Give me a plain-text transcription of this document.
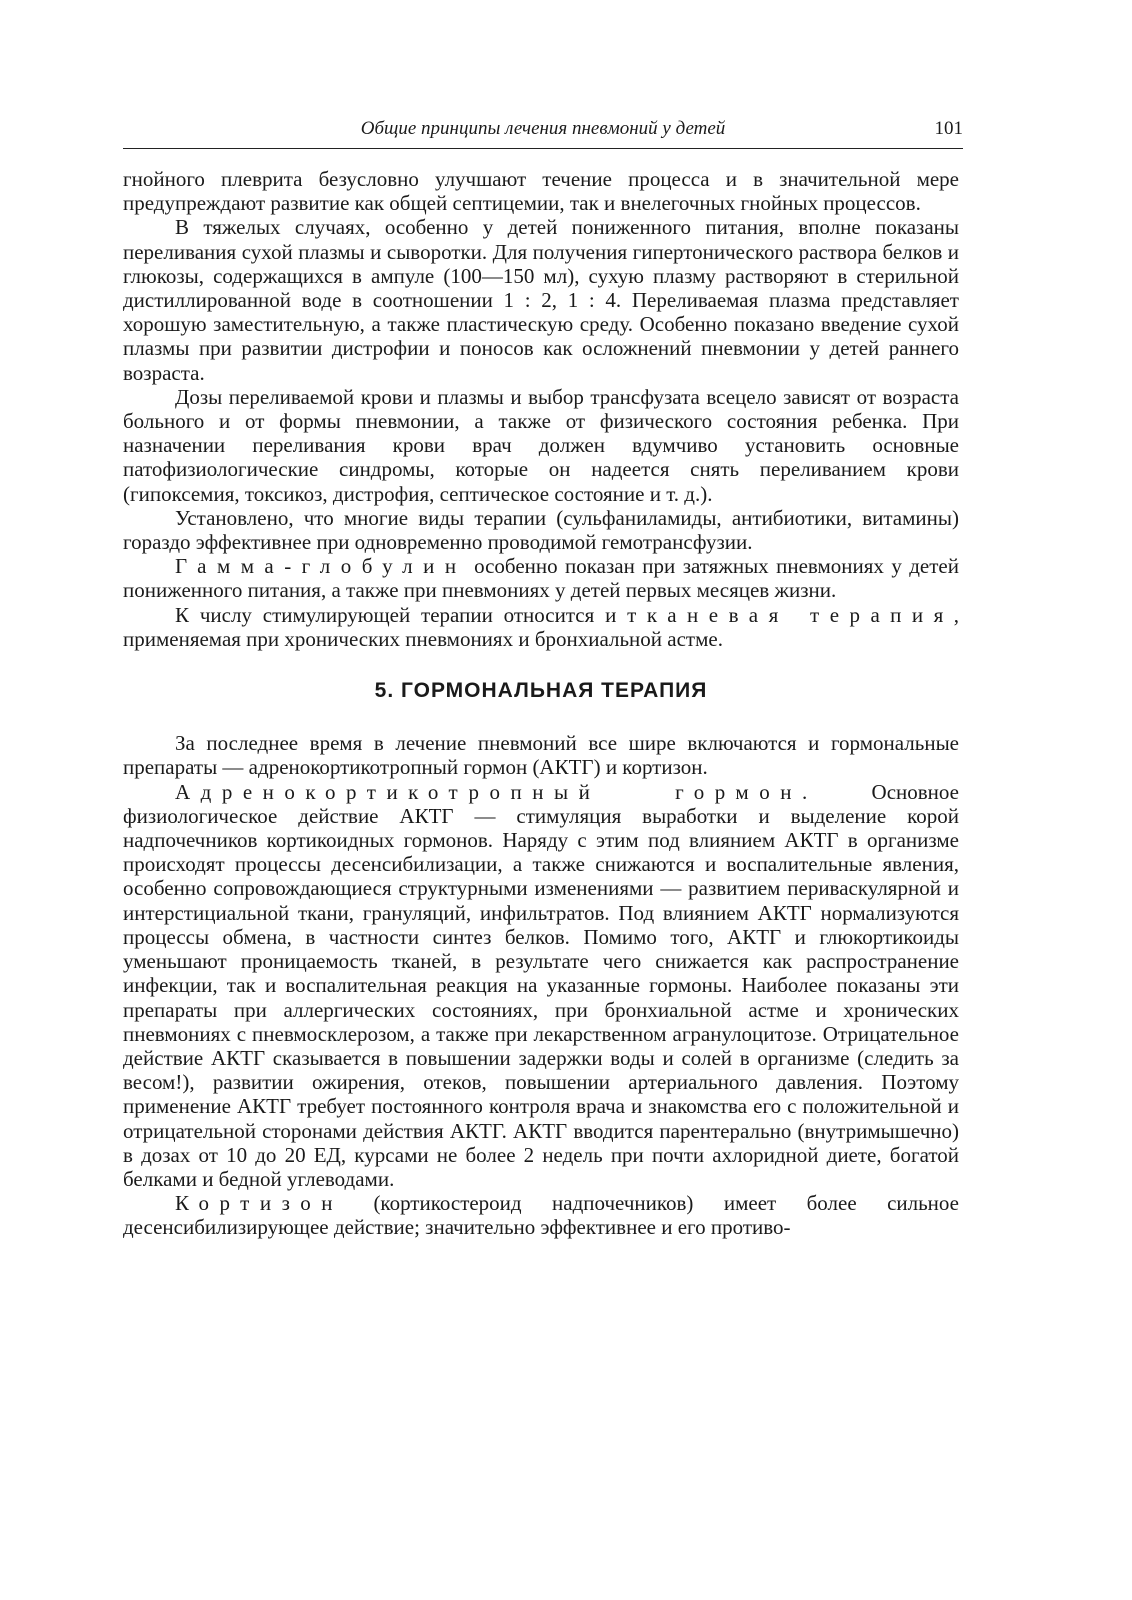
Общие принципы лечения пневмоний у детей	101

гнойного плеврита безусловно улучшают течение процесса и в значительной мере предупреждают развитие как общей септицемии, так и внелегочных гнойных процессов.

В тяжелых случаях, особенно у детей пониженного питания, вполне показаны переливания сухой плазмы и сыворотки. Для получения гипертонического раствора белков и глюкозы, содержащихся в ампуле (100—150 мл), сухую плазму растворяют в стерильной дистиллированной воде в соотношении 1 : 2, 1 : 4. Переливаемая плазма представляет хорошую заместительную, а также пластическую среду. Особенно показано введение сухой плазмы при развитии дистрофии и поносов как осложнений пневмонии у детей раннего возраста.

Дозы переливаемой крови и плазмы и выбор трансфузата всецело зависят от возраста больного и от формы пневмонии, а также от физического состояния ребенка. При назначении переливания крови врач должен вдумчиво установить основные патофизиологические синдромы, которые он надеется снять переливанием крови (гипоксемия, токсикоз, дистрофия, септическое состояние и т. д.).

Установлено, что многие виды терапии (сульфаниламиды, антибиотики, витамины) гораздо эффективнее при одновременно проводимой гемотрансфузии.

Гамма-глобулин особенно показан при затяжных пневмониях у детей пониженного питания, а также при пневмониях у детей первых месяцев жизни.

К числу стимулирующей терапии относится и тканевая терапия, применяемая при хронических пневмониях и бронхиальной астме.

5. ГОРМОНАЛЬНАЯ ТЕРАПИЯ

За последнее время в лечение пневмоний все шире включаются и гормональные препараты — адренокортикотропный гормон (АКТГ) и кортизон.

Адренокортикотропный гормон. Основное физиологическое действие АКТГ — стимуляция выработки и выделение корой надпочечников кортикоидных гормонов. Наряду с этим под влиянием АКТГ в организме происходят процессы десенсибилизации, а также снижаются и воспалительные явления, особенно сопровождающиеся структурными изменениями — развитием периваскулярной и интерстициальной ткани, грануляций, инфильтратов. Под влиянием АКТГ нормализуются процессы обмена, в частности синтез белков. Помимо того, АКТГ и глюкортикоиды уменьшают проницаемость тканей, в результате чего снижается как распространение инфекции, так и воспалительная реакция на указанные гормоны. Наиболее показаны эти препараты при аллергических состояниях, при бронхиальной астме и хронических пневмониях с пневмосклерозом, а также при лекарственном агранулоцитозе. Отрицательное действие АКТГ сказывается в повышении задержки воды и солей в организме (следить за весом!), развитии ожирения, отеков, повышении артериального давления. Поэтому применение АКТГ требует постоянного контроля врача и знакомства его с положительной и отрицательной сторонами действия АКТГ. АКТГ вводится парентерально (внутримышечно) в дозах от 10 до 20 ЕД, курсами не более 2 недель при почти ахлоридной диете, богатой белками и бедной углеводами.

Кортизон (кортикостероид надпочечников) имеет более сильное десенсибилизирующее действие; значительно эффективнее и его противо-
